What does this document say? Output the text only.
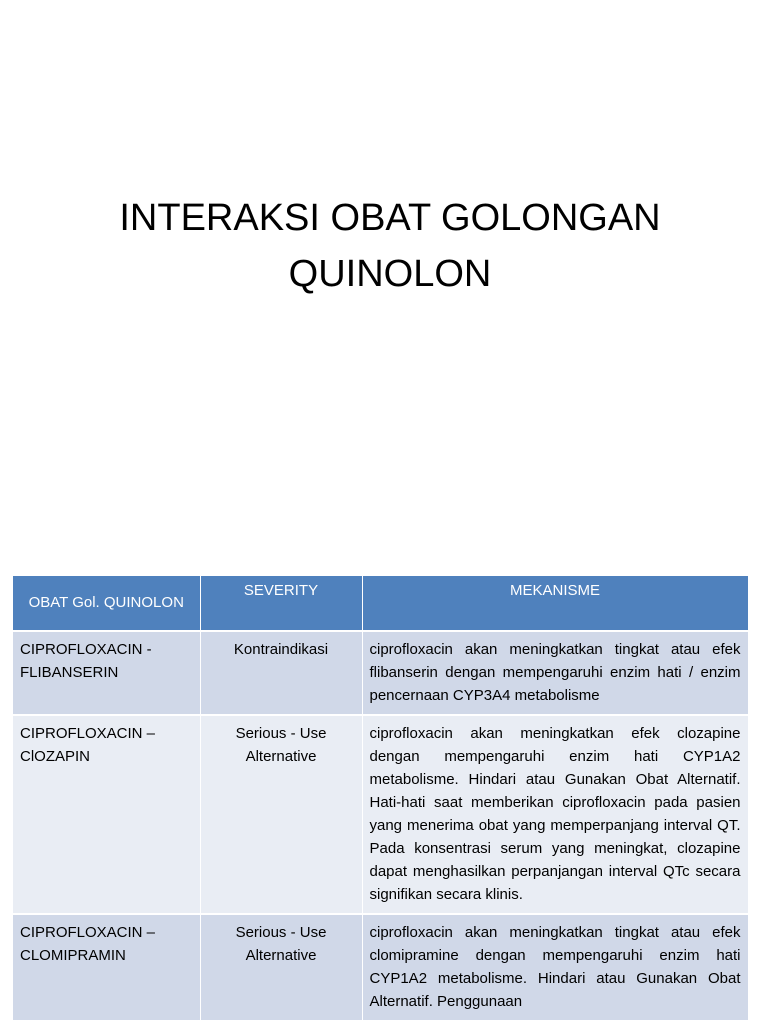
INTERAKSI OBAT GOLONGAN
QUINOLON
OBAT Gol. QUINOLON	SEVERITY	MEKANISME

CIPROFLOXACIN - FLIBANSERIN	Kontraindikasi	ciprofloxacin akan meningkatkan tingkat atau efek flibanserin dengan mempengaruhi enzim hati / enzim pencernaan CYP3A4 metabolisme
CIPROFLOXACIN – ClOZAPIN	Serious - Use Alternative	ciprofloxacin akan meningkatkan efek clozapine dengan mempengaruhi enzim hati CYP1A2 metabolisme. Hindari atau Gunakan Obat Alternatif. Hati-hati saat memberikan ciprofloxacin pada pasien yang menerima obat yang memperpanjang interval QT. Pada konsentrasi serum yang meningkat, clozapine dapat menghasilkan perpanjangan interval QTc secara signifikan secara klinis.
CIPROFLOXACIN – CLOMIPRAMIN	Serious - Use Alternative	ciprofloxacin akan meningkatkan tingkat atau efek clomipramine dengan mempengaruhi enzim hati CYP1A2 metabolisme. Hindari atau Gunakan Obat Alternatif. Penggunaan
